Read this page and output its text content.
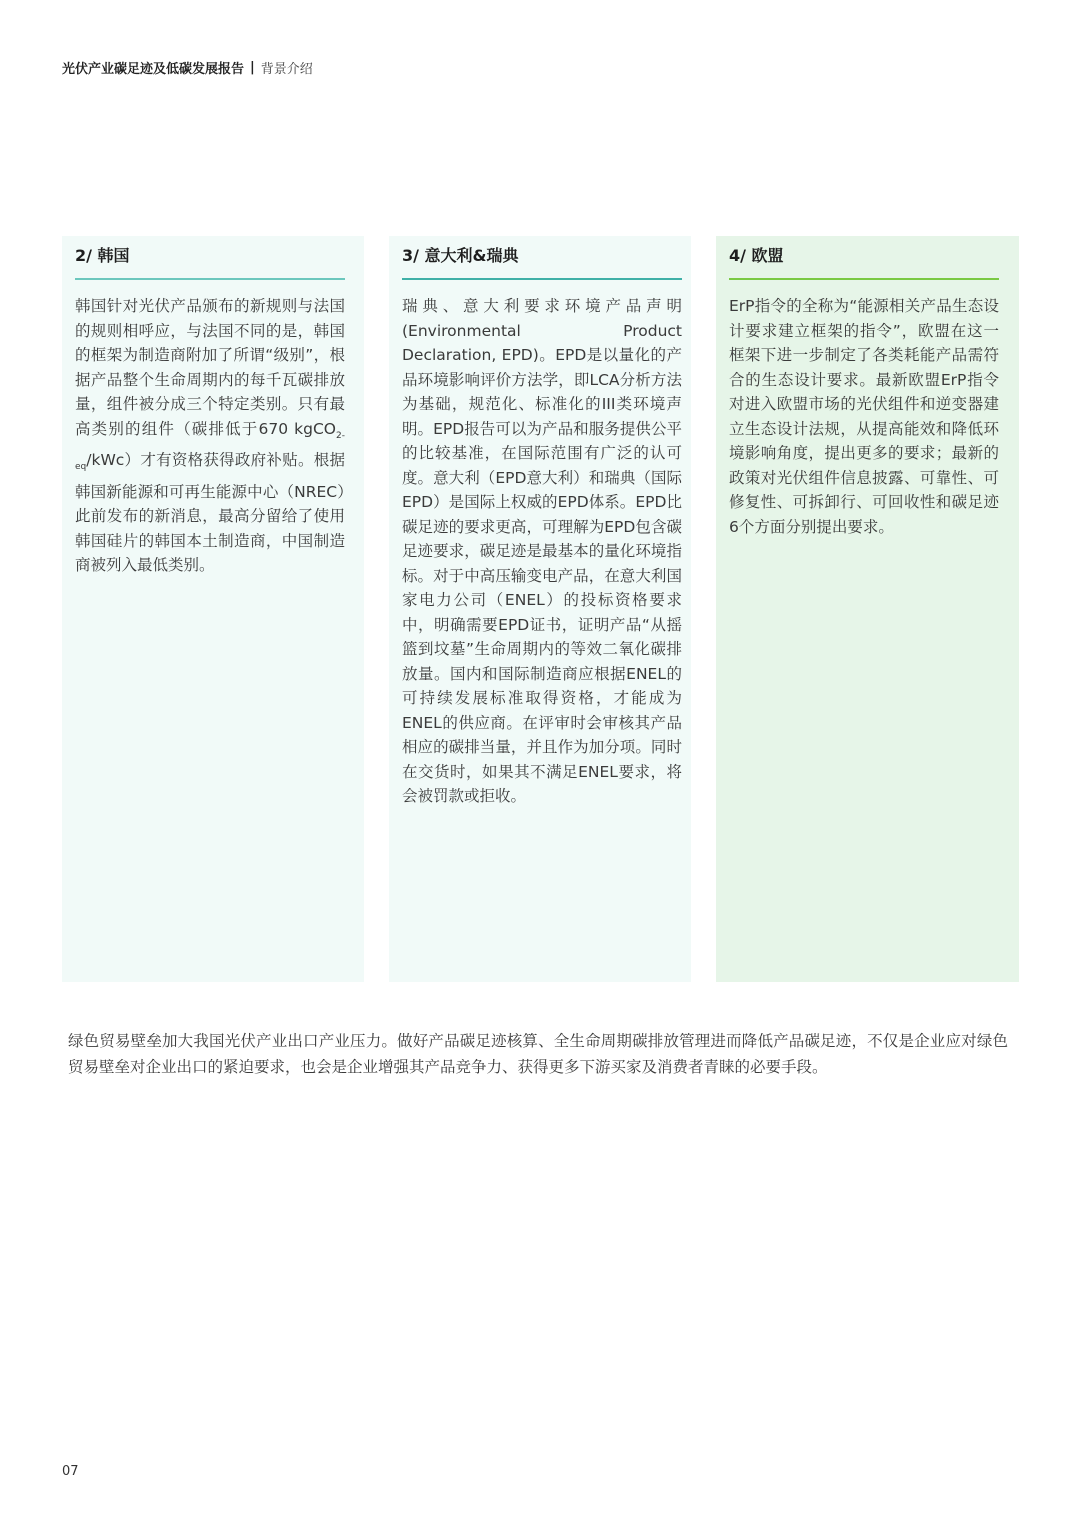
光伏产业碳足迹及低碳发展报告 | 背景介绍
2/ 韩国

韩国针对光伏产品颁布的新规则与法国的规则相呼应，与法国不同的是，韩国的框架为制造商附加了所谓“级别”，根据产品整个生命周期内的每千瓦碳排放量，组件被分成三个特定类别。只有最高类别的组件（碳排低于670 kgCO$_{2-eq}$/kWc）才有资格获得政府补贴。根据韩国新能源和可再生能源中心（NREC）此前发布的新消息，最高分留给了使用韩国硅片的韩国本土制造商，中国制造商被列入最低类别。

3/ 意大利&瑞典

瑞典、意大利要求环境产品声明(Environmental Product Declaration, EPD)。EPD是以量化的产品环境影响评价方法学，即LCA分析方法为基础，规范化、标准化的III类环境声明。EPD报告可以为产品和服务提供公平的比较基准，在国际范围有广泛的认可度。意大利（EPD意大利）和瑞典（国际EPD）是国际上权威的EPD体系。EPD比碳足迹的要求更高，可理解为EPD包含碳足迹要求，碳足迹是最基本的量化环境指标。对于中高压输变电产品，在意大利国家电力公司（ENEL）的投标资格要求中，明确需要EPD证书，证明产品“从摇篮到坟墓”生命周期内的等效二氧化碳排放量。国内和国际制造商应根据ENEL的可持续发展标准取得资格，才能成为ENEL的供应商。在评审时会审核其产品相应的碳排当量，并且作为加分项。同时在交货时，如果其不满足ENEL要求，将会被罚款或拒收。

4/ 欧盟

ErP指令的全称为“能源相关产品生态设计要求建立框架的指令”，欧盟在这一框架下进一步制定了各类耗能产品需符合的生态设计要求。最新欧盟ErP指令对进入欧盟市场的光伏组件和逆变器建立生态设计法规，从提高能效和降低环境影响角度，提出更多的要求；最新的政策对光伏组件信息披露、可靠性、可修复性、可拆卸行、可回收性和碳足迹6个方面分别提出要求。

绿色贸易壁垒加大我国光伏产业出口产业压力。做好产品碳足迹核算、全生命周期碳排放管理进而降低产品碳足迹，不仅是企业应对绿色贸易壁垒对企业出口的紧迫要求，也会是企业增强其产品竞争力、获得更多下游买家及消费者青睐的必要手段。
07
